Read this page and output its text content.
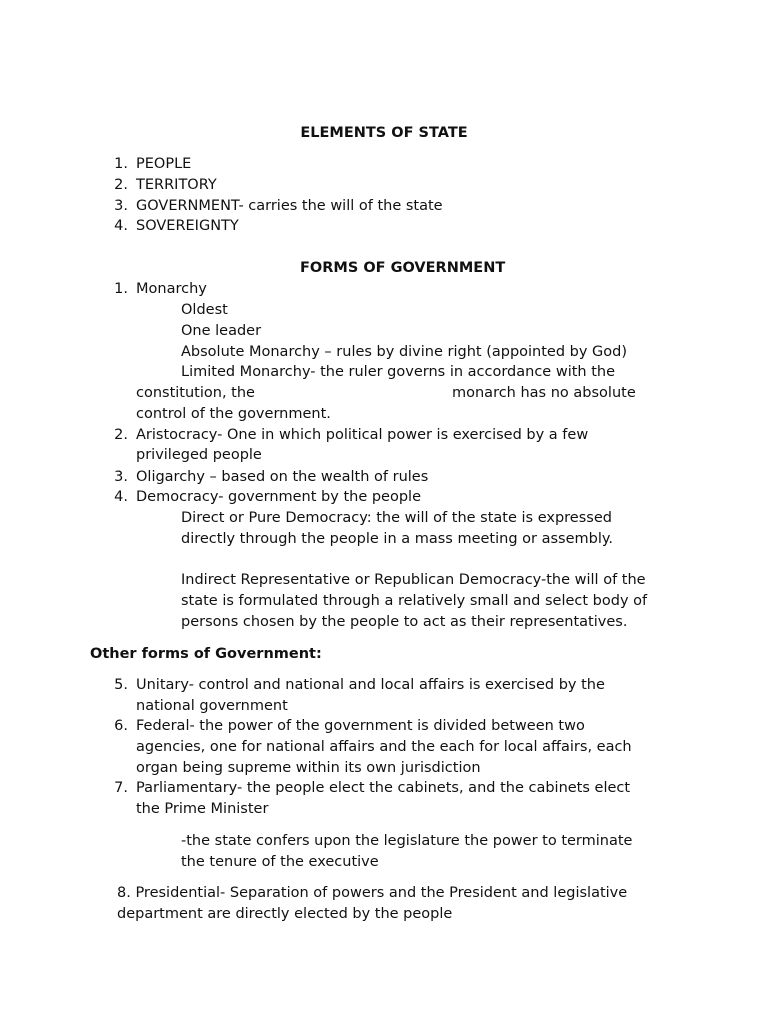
ELEMENTS OF STATE
1. PEOPLE
2. TERRITORY
3. GOVERNMENT- carries the will of the state
4. SOVEREIGNTY
FORMS OF GOVERNMENT
1. Monarchy
Oldest
One leader
Absolute Monarchy – rules by divine right (appointed by God)
Limited Monarchy- the ruler governs in accordance with the
constitution, the	monarch has no absolute
control of the government.
2. Aristocracy- One in which political power is exercised by a few
privileged people
3. Oligarchy – based on the wealth of rules
4. Democracy- government by the people
Direct or Pure Democracy: the will of the state is expressed
directly through the people in a mass meeting or assembly.
Indirect Representative or Republican Democracy-the will of the
state is formulated through a relatively small and select body of
persons chosen by the people to act as their representatives.
Other forms of Government:
5. Unitary- control and national and local affairs is exercised by the
national government
6. Federal- the power of the government is divided between two
agencies, one for national affairs and the each for local affairs, each
organ being supreme within its own jurisdiction
7. Parliamentary- the people elect the cabinets, and the cabinets elect
the Prime Minister
-the state confers upon the legislature the power to terminate
the tenure of the executive
8. Presidential- Separation of powers and the President and legislative
department are directly elected by the people
